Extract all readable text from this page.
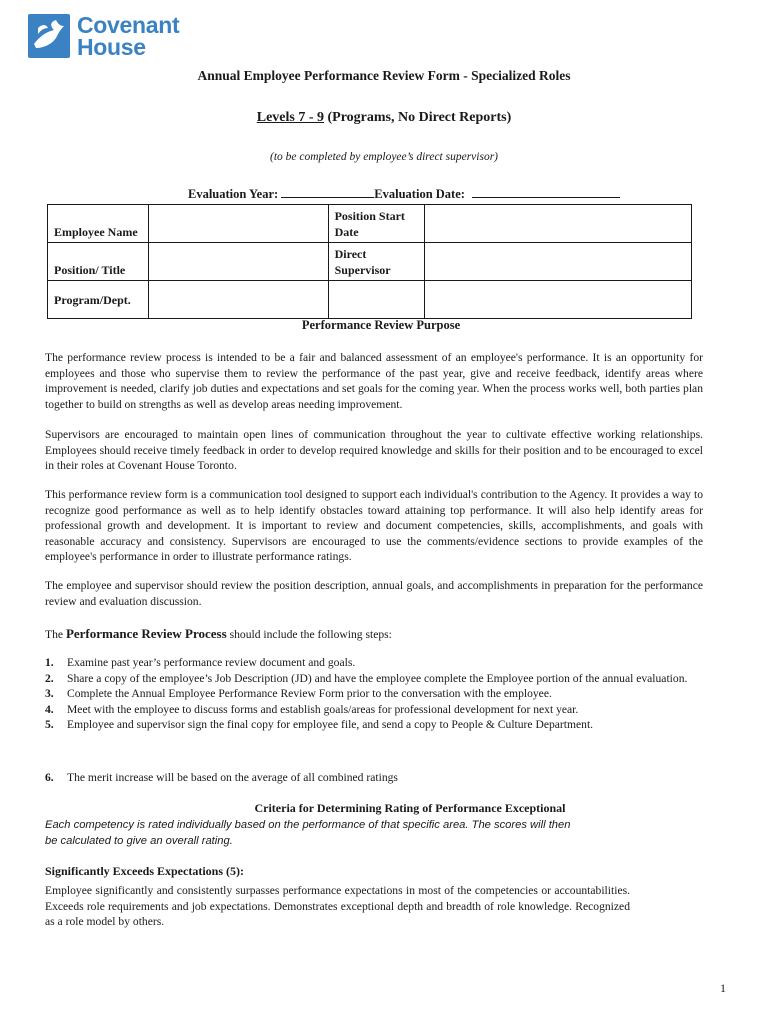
Covenant
House
Annual Employee Performance Review Form - Specialized Roles
Levels 7 - 9 (Programs, No Direct Reports)
(to be completed by employee’s direct supervisor)
Evaluation Year:	Evaluation Date:
Employee Name		Position Start Date	
Position/ Title		Direct Supervisor	
Program/Dept.			
Performance Review Purpose

The performance review process is intended to be a fair and balanced assessment of an employee's performance. It is an opportunity for employees and those who supervise them to review the performance of the past year, give and receive feedback, identify areas where improvement is needed, clarify job duties and expectations and set goals for the coming year. When the process works well, both parties plan together to build on strengths as well as develop areas needing improvement.

Supervisors are encouraged to maintain open lines of communication throughout the year to cultivate effective working relationships. Employees should receive timely feedback in order to develop required knowledge and skills for their position and to be encouraged to excel in their roles at Covenant House Toronto.

This performance review form is a communication tool designed to support each individual's contribution to the Agency. It provides a way to recognize good performance as well as to help identify obstacles toward attaining top performance. It will also help identify areas for professional growth and development. It is important to review and document competencies, skills, accomplishments, and goals with reasonable accuracy and consistency. Supervisors are encouraged to use the comments/evidence sections to provide examples of the employee's performance in order to illustrate performance ratings.

The employee and supervisor should review the position description, annual goals, and accomplishments in preparation for the performance review and evaluation discussion.

The Performance Review Process should include the following steps:
1. Examine past year’s performance review document and goals.
2. Share a copy of the employee’s Job Description (JD) and have the employee complete the Employee portion of the annual evaluation.
3. Complete the Annual Employee Performance Review Form prior to the conversation with the employee.
4. Meet with the employee to discuss forms and establish goals/areas for professional development for next year.
5. Employee and supervisor sign the final copy for employee file, and send a copy to People & Culture Department.
6. The merit increase will be based on the average of all combined ratings
Criteria for Determining Rating of Performance Exceptional

Each competency is rated individually based on the performance of that specific area. The scores will then be calculated to give an overall rating.

Significantly Exceeds Expectations (5):

Employee significantly and consistently surpasses performance expectations in most of the competencies or accountabilities. Exceeds role requirements and job expectations. Demonstrates exceptional depth and breadth of role knowledge. Recognized as a role model by others.

1
